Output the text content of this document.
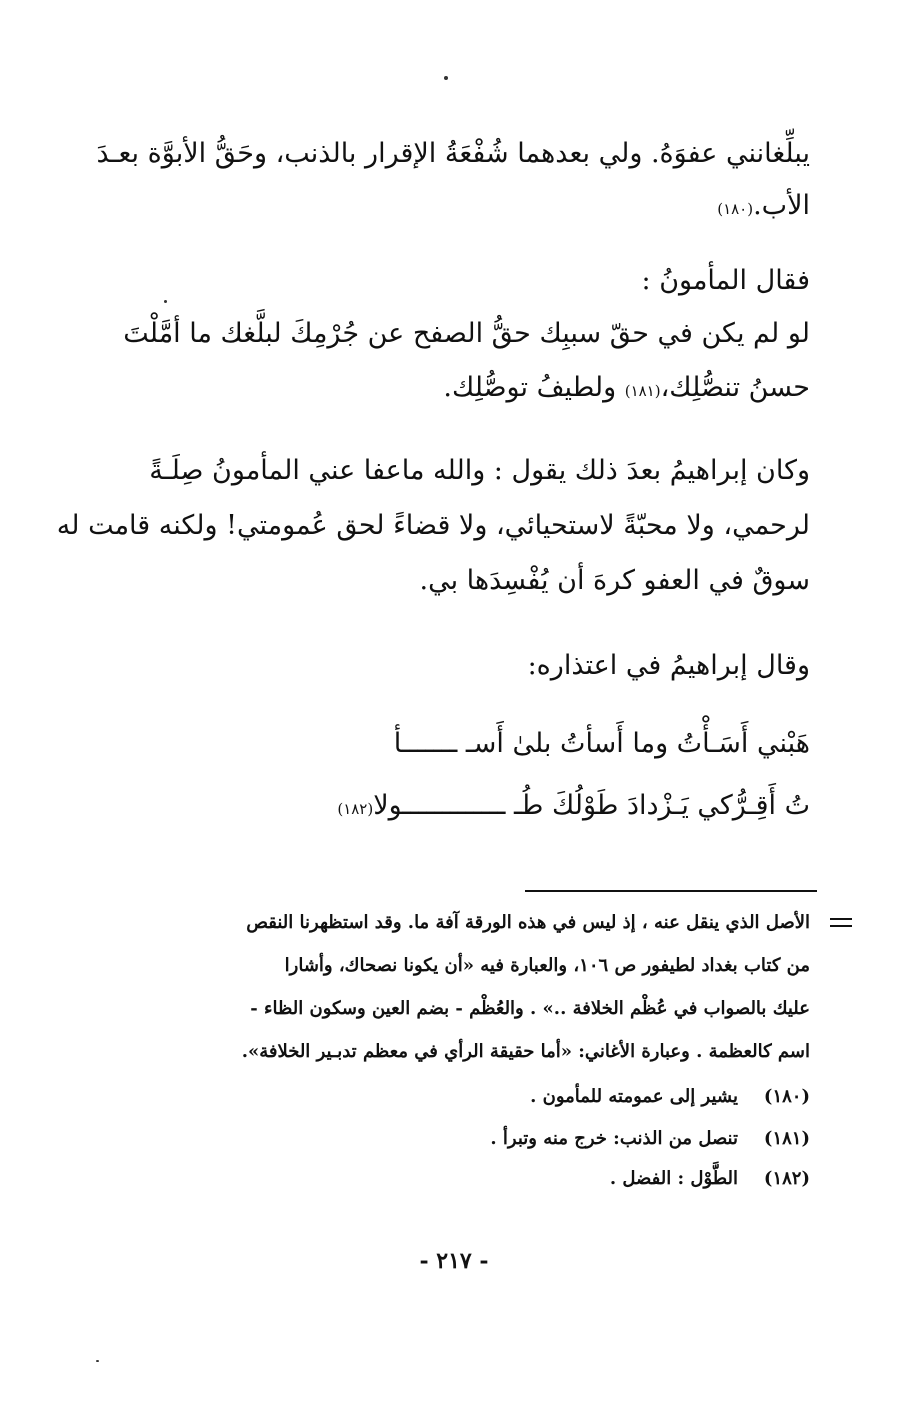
يبلِّغانني عفوَهُ. ولي بعدهما شُفْعَةُ الإقرار بالذنب، وحَقُّ الأبوَّة بعـدَ
الأب.(١٨٠)
فقال المأمونُ :
لو لم يكن في حقّ سببِك حقُّ الصفح عن جُرْمِكَ لبلَّغك ما أمَّلْتَ
حسنُ تنصُّلِك،(١٨١) ولطيفُ توصُّلِك.
وكان إبراهيمُ بعدَ ذلك يقول : والله ماعفا عني المأمونُ صِلَـةً
لرحمي، ولا محبّةً لاستحيائي، ولا قضاءً لحق عُمومتي! ولكنه قامت له
سوقٌ في العفو كرهَ أن يُفْسِدَها بي.
وقال إبراهيمُ في اعتذاره:
هَبْني أَسَـأْتُ وما أَسأتُ بلىٰ أَسـ ـــــــأ
تُ أَقِـرُّكي يَـزْدادَ طَوْلُكَ طُـ ـــــــــــــولا(١٨٢)
الأصل الذي ينقل عنه ، إذ ليس في هذه الورقة آفة ما. وقد استظهرنا النقص
من كتاب بغداد لطيفور ص ١٠٦، والعبارة فيه «أن يكونا نصحاك، وأشارا
عليك بالصواب في عُظْم الخلافة ..» . والعُظْم - بضم العين وسكون الظاء -
اسم كالعظمة . وعبارة الأغاني: «أما حقيقة الرأي في معظم تدبـير الخلافة».
(١٨٠)يشير إلى عمومته للمأمون .
(١٨١)تنصل من الذنب: خرج منه وتبرأ .
(١٨٢)الطَّوْل : الفضل .
- ٢١٧ -
